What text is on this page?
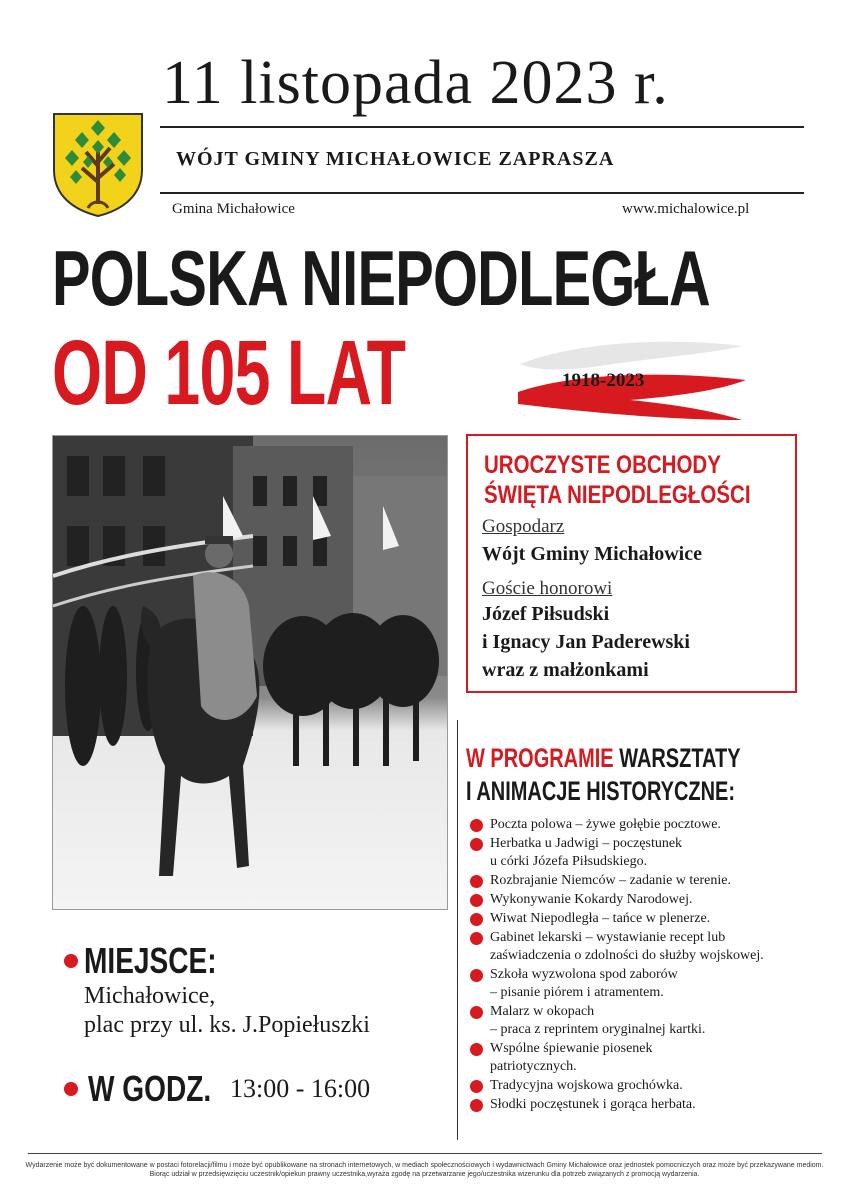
11 listopada 2023 r.
WÓJT GMINY MICHAŁOWICE ZAPRASZA
Gmina Michałowice	www.michalowice.pl
POLSKA NIEPODLEGŁA
OD 105 LAT	1918-2023
UROCZYSTE OBCHODY
ŚWIĘTA NIEPODLEGŁOŚCI
Gospodarz
Wójt Gminy Michałowice
Goście honorowi
Józef Piłsudski
i Ignacy Jan Paderewski
wraz z małżonkami
W PROGRAMIE WARSZTATY
I ANIMACJE HISTORYCZNE:
Poczta polowa – żywe gołębie pocztowe.
Herbatka u Jadwigi – poczęstunek
u córki Józefa Piłsudskiego.
Rozbrajanie Niemców – zadanie w terenie.
Wykonywanie Kokardy Narodowej.
Wiwat Niepodległa – tańce w plenerze.
Gabinet lekarski – wystawianie recept lub
zaświadczenia o zdolności do służby wojskowej.
Szkoła wyzwolona spod zaborów
– pisanie piórem i atramentem.
Malarz w okopach
– praca z reprintem oryginalnej kartki.
Wspólne śpiewanie piosenek
patriotycznych.
Tradycyjna wojskowa grochówka.
Słodki poczęstunek i gorąca herbata.
MIEJSCE:
Michałowice,
plac przy ul. ks. J.Popiełuszki
W GODZ. 13:00 - 16:00
Wydarzenie może być dokumentowane w postaci fotorelacji/filmu i może być opublikowane na stronach internetowych, w mediach społecznościowych i wydawnictwach Gminy Michałowice oraz jednostek pomocniczych oraz może być przekazywane mediom.
Biorąc udział w przedsięwzięciu uczestnik/opiekun prawny uczestnika,wyraża zgodę na przetwarzanie jego/uczestnika wizerunku dla potrzeb związanych z promocją wydarzenia.
